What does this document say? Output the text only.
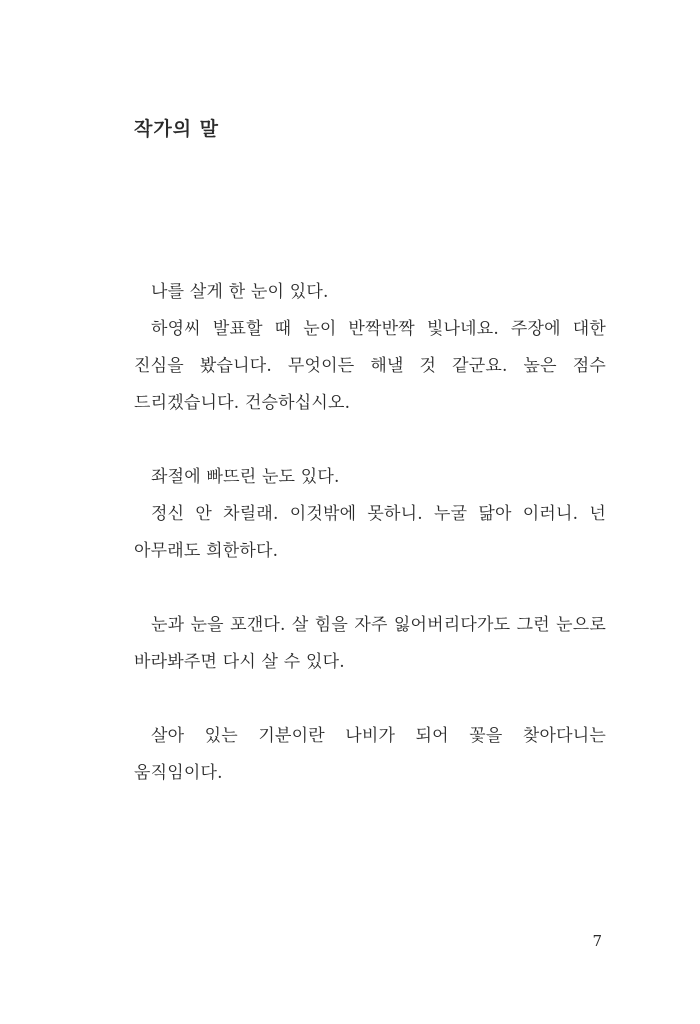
작가의 말

나를 살게 한 눈이 있다.

하영씨 발표할 때 눈이 반짝반짝 빛나네요. 주장에 대한 진심을 봤습니다. 무엇이든 해낼 것 같군요. 높은 점수 드리겠습니다. 건승하십시오.

좌절에 빠뜨린 눈도 있다.

정신 안 차릴래. 이것밖에 못하니. 누굴 닮아 이러니. 넌 아무래도 희한하다.

눈과 눈을 포갠다. 살 힘을 자주 잃어버리다가도 그런 눈으로 바라봐주면 다시 살 수 있다.

살아 있는 기분이란 나비가 되어 꽃을 찾아다니는 움직임이다.

7
